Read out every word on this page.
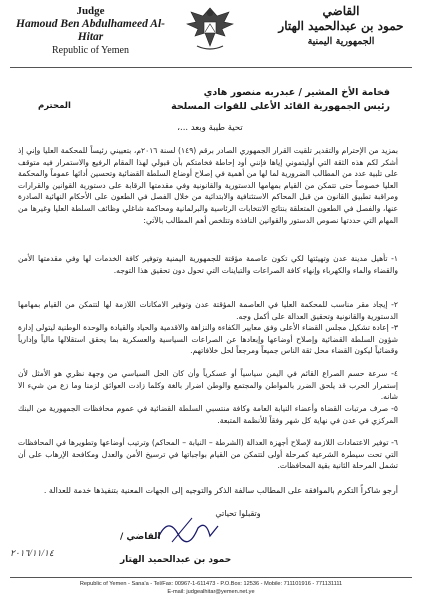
Judge
Hamoud Ben Abdulhameed Al-Hitar
Republic of Yemen
القاضي
حمود بن عبدالحميد الهتار
الجمهورية اليمنية
فخامة الأخ المشير / عبدربه منصور هادي
رئيس الجمهورية القائد الأعلى للقوات المسلحة
المحترم
تحية طيبة وبعد ...،
بمزيد من الإحترام والتقدير تلقيت القرار الجمهوري الصادر برقم (١٤٩) لسنة ٢٠١٦م، بتعييني رئيساً للمحكمة العليا وإني إذ أشكر لكم هذه الثقة التي أوليتموني إياها فإنني أود إحاطة فخامتكم بأن قبولي لهذا المقام الرفيع والاستمرار فيه متوقف على تلبية عدد من المطالب الضرورية لما لها من أهمية في إصلاح أوضاع السلطة القضائية وتحسين أدائها عموماً والمحكمة العليا خصوصاً حتى تتمكن من القيام بمهامها الدستورية والقانونية وفي مقدمتها الرقابة على دستورية القوانين والقرارات ومراقبة تطبيق القانون من قبل المحاكم الاستئنافية والابتدائية من خلال الفصل في الطعون على الأحكام النهائية الصادرة عنها، والفصل في الطعون المتعلقة بنتائج الانتخابات الرئاسية والبرلمانية ومحاكمة شاغلي وظائف السلطة العليا وغيرها من المهام التي حددتها نصوص الدستور والقوانين النافذة وتتلخص أهم المطالب بالآتي:
١- تأهيل مدينة عدن وتهيئتها لكي تكون عاصمة مؤقتة للجمهورية اليمنية وتوفير كافة الخدمات لها وفي مقدمتها الأمن والقضاء والماء والكهرباء وإنهاء كافة الصراعات والتباينات التي تحول دون تحقيق هذا التوجه.
٢- إيجاد مقر مناسب للمحكمة العليا في العاصمة المؤقتة عدن وتوفير الامكانات اللازمة لها لتتمكن من القيام بمهامها الدستورية والقانونية وتحقيق العدالة على أكمل وجه.
٣- إعادة تشكيل مجلس القضاء الأعلى وفق معايير الكفاءة والنزاهة والاقدمية والحياد والقيادة والوحدة الوطنية ليتولى إدارة شؤون السلطة القضائية وإصلاح أوضاعها وإبعادها عن الصراعات السياسية والعسكرية بما يحقق استقلالها مالياً وإدارياً وقضائياً ليكون القضاء محل ثقة الناس جميعاً ومرجعاً لحل خلافاتهم.
٤- سرعة حسم الصراع القائم في اليمن سياسياً أو عسكرياً وأن كان الحل السياسي من وجهة نظري هو الأمثل لأن إستمرار الحرب قد يلحق الضرر بالمواطن والمجتمع والوطن اضرار بالغة وكلما زادت العوائق لزمنا وما زع من شيء الا شانه.
٥- صرف مرتبات القضاة وأعضاء النيابة العامة وكافة منتسبي السلطة القضائية في عموم محافظات الجمهورية من البنك المركزي في عدن في نهاية كل شهر وفقاً للأنظمة المتبعة.
٦- توفير الاعتمادات اللازمة لإصلاح أجهزة العدالة (الشرطة – النيابة – المحاكم) وترتيب أوضاعها وتطويرها في المحافظات التي تحت سيطرة الشرعية كمرحلة أولى لتتمكن من القيام بواجباتها في ترسيخ الأمن والعدل ومكافحة الإرهاب على أن تشمل المرحلة الثانية بقية المحافظات.
أرجو شاكراً التكرم بالموافقة على المطالب سالفة الذكر والتوجيه إلى الجهات المعنية بتنفيذها خدمة للعدالة .
وتقبلوا تحياتي
القاضي /
حمود بن عبدالحميد الهتار
٢٠١٦/١١/١٤
Republic of Yemen - Sana'a - Tel/Fax: 00967-1-611473 - P.O.Box: 12536 - Mobile: 711101916 - 771131111
E-mail: judgealhitar@yemen.net.ye
